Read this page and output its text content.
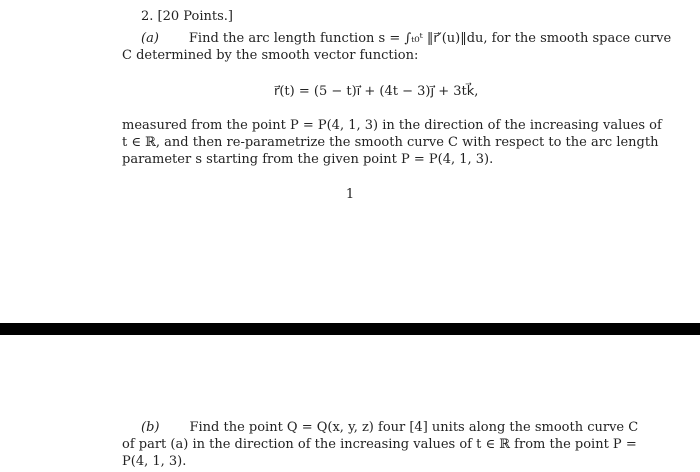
2. [20 Points.]
(a) Find the arc length function s = ∫ₜ₀ᵗ ‖r⃗′(u)‖du, for the smooth space curve
C determined by the smooth vector function:
r⃗(t) = (5 − t)i⃗ + (4t − 3)j⃗ + 3tk⃗,
measured from the point P = P(4, 1, 3) in the direction of the increasing values of
t ∈ ℝ, and then re-parametrize the smooth curve C with respect to the arc length
parameter s starting from the given point P = P(4, 1, 3).
1
(b) Find the point Q = Q(x, y, z) four [4] units along the smooth curve C
of part (a) in the direction of the increasing values of t ∈ ℝ from the point P =
P(4, 1, 3).
